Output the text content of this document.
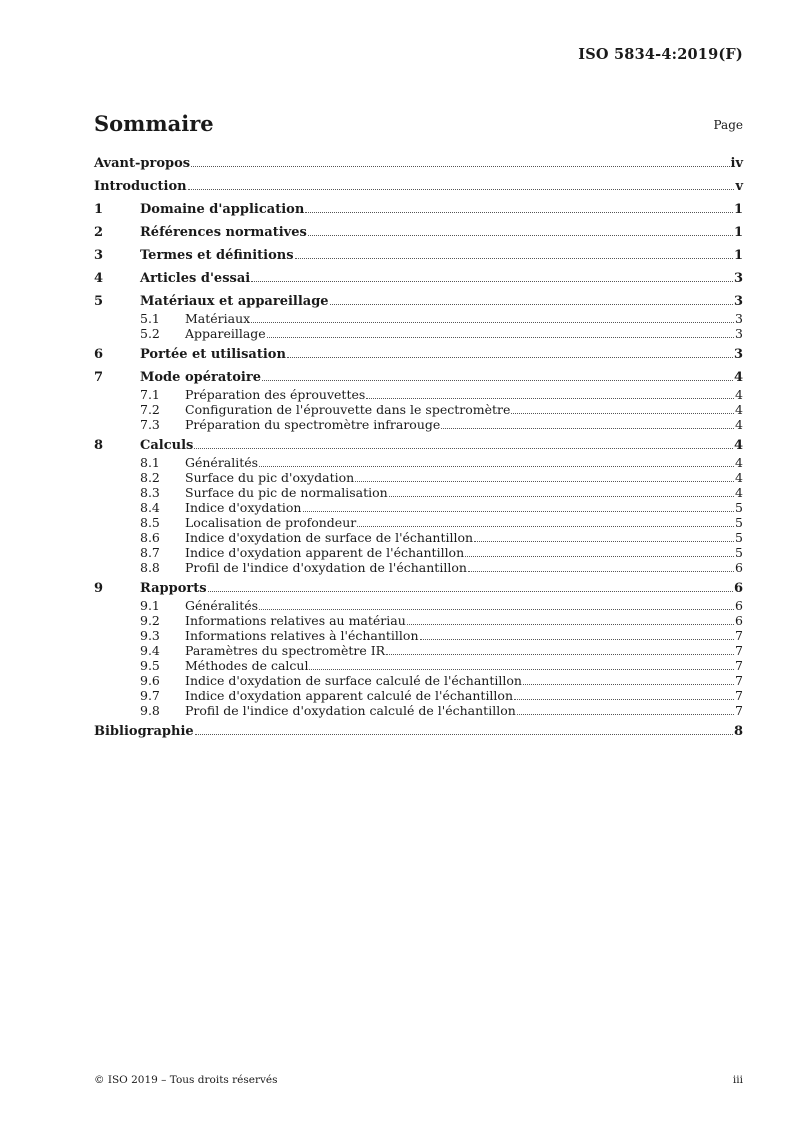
ISO 5834-4:2019(F)
Sommaire	Page
Avant-propos	iv
Introduction	v
1	Domaine d'application	1
2	Références normatives	1
3	Termes et définitions	1
4	Articles d'essai	3
5	Matériaux et appareillage	3
5.1	Matériaux	3
5.2	Appareillage	3
6	Portée et utilisation	3
7	Mode opératoire	4
7.1	Préparation des éprouvettes	4
7.2	Configuration de l'éprouvette dans le spectromètre	4
7.3	Préparation du spectromètre infrarouge	4
8	Calculs	4
8.1	Généralités	4
8.2	Surface du pic d'oxydation	4
8.3	Surface du pic de normalisation	4
8.4	Indice d'oxydation	5
8.5	Localisation de profondeur	5
8.6	Indice d'oxydation de surface de l'échantillon	5
8.7	Indice d'oxydation apparent de l'échantillon	5
8.8	Profil de l'indice d'oxydation de l'échantillon	6
9	Rapports	6
9.1	Généralités	6
9.2	Informations relatives au matériau	6
9.3	Informations relatives à l'échantillon	7
9.4	Paramètres du spectromètre IR	7
9.5	Méthodes de calcul	7
9.6	Indice d'oxydation de surface calculé de l'échantillon	7
9.7	Indice d'oxydation apparent calculé de l'échantillon	7
9.8	Profil de l'indice d'oxydation calculé de l'échantillon	7
Bibliographie	8
© ISO 2019 – Tous droits réservés	iii
